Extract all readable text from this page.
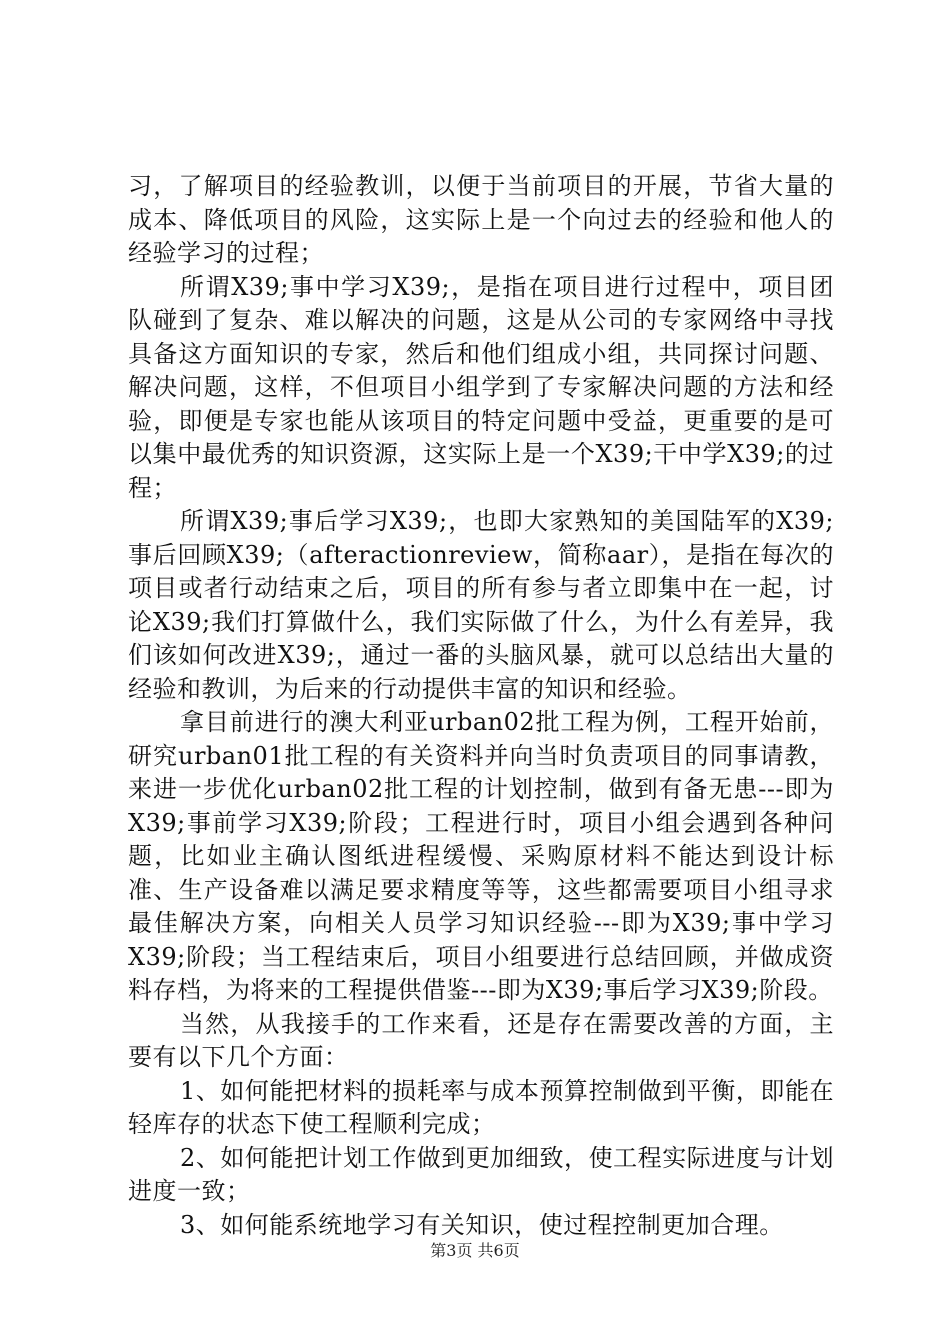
习，了解项目的经验教训，以便于当前项目的开展，节省大量的成本、降低项目的风险，这实际上是一个向过去的经验和他人的经验学习的过程；

所谓X39;事中学习X39;，是指在项目进行过程中，项目团队碰到了复杂、难以解决的问题，这是从公司的专家网络中寻找具备这方面知识的专家，然后和他们组成小组，共同探讨问题、解决问题，这样，不但项目小组学到了专家解决问题的方法和经验，即便是专家也能从该项目的特定问题中受益，更重要的是可以集中最优秀的知识资源，这实际上是一个X39;干中学X39;的过程；

所谓X39;事后学习X39;，也即大家熟知的美国陆军的X39;事后回顾X39;（afteractionreview，简称aar），是指在每次的项目或者行动结束之后，项目的所有参与者立即集中在一起，讨论X39;我们打算做什么，我们实际做了什么，为什么有差异，我们该如何改进X39;，通过一番的头脑风暴，就可以总结出大量的经验和教训，为后来的行动提供丰富的知识和经验。

拿目前进行的澳大利亚urban02批工程为例，工程开始前，研究urban01批工程的有关资料并向当时负责项目的同事请教，来进一步优化urban02批工程的计划控制，做到有备无患---即为X39;事前学习X39;阶段；工程进行时，项目小组会遇到各种问题，比如业主确认图纸进程缓慢、采购原材料不能达到设计标准、生产设备难以满足要求精度等等，这些都需要项目小组寻求最佳解决方案，向相关人员学习知识经验---即为X39;事中学习X39;阶段；当工程结束后，项目小组要进行总结回顾，并做成资料存档，为将来的工程提供借鉴---即为X39;事后学习X39;阶段。

当然，从我接手的工作来看，还是存在需要改善的方面，主要有以下几个方面：

1、如何能把材料的损耗率与成本预算控制做到平衡，即能在轻库存的状态下使工程顺利完成；

2、如何能把计划工作做到更加细致，使工程实际进度与计划进度一致；

3、如何能系统地学习有关知识，使过程控制更加合理。

第3页 共6页
